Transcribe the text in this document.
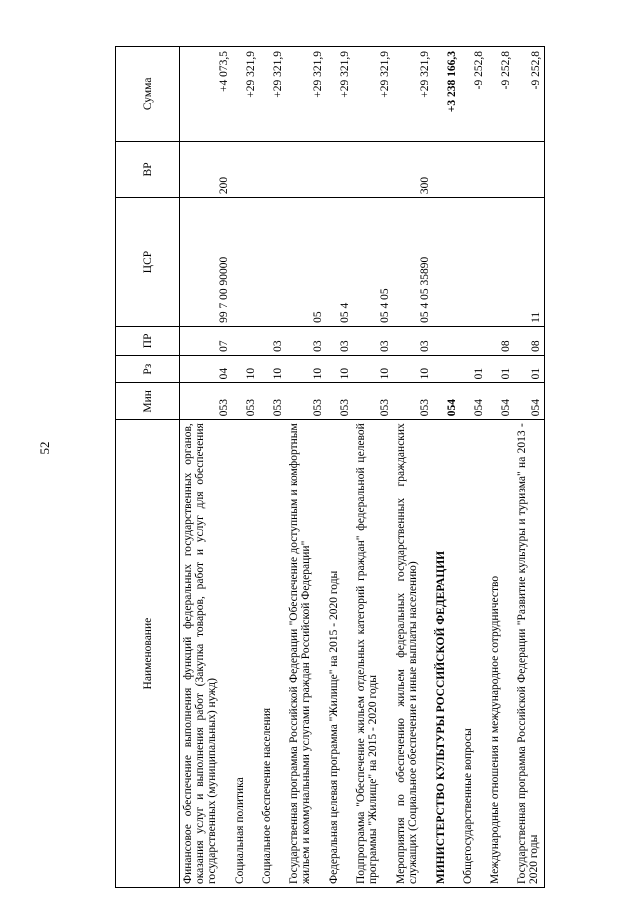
52
Наименование	Мин	Рз	ПР	ЦСР	ВР	Сумма
Финансовое обеспечение выполнения функций федеральных государственных органов, оказания услуг и выполнения работ (Закупка товаров, работ и услуг для обеспечения государственных (муниципальных) нужд)	053	04	07	99 7 00 90000	200	+4 073,5
Социальная политика	053	10				+29 321,9
Социальное обеспечение населения	053	10	03			+29 321,9
Государственная программа Российской Федерации "Обеспечение доступным и комфортным жильем и коммунальными услугами граждан Российской Федерации"	053	10	03	05		+29 321,9
Федеральная целевая программа "Жилище" на 2015 - 2020 годы	053	10	03	05 4		+29 321,9
Подпрограмма "Обеспечение жильем отдельных категорий граждан" федеральной целевой программы "Жилище" на 2015 - 2020 годы	053	10	03	05 4 05		+29 321,9
Мероприятия по обеспечению жильем федеральных государственных гражданских служащих (Социальное обеспечение и иные выплаты населению)	053	10	03	05 4 05 35890	300	+29 321,9
МИНИСТЕРСТВО КУЛЬТУРЫ РОССИЙСКОЙ ФЕДЕРАЦИИ	054					+3 238 166,3
Общегосударственные вопросы	054	01				-9 252,8
Международные отношения и международное сотрудничество	054	01	08			-9 252,8
Государственная программа Российской Федерации "Развитие культуры и туризма" на 2013 - 2020 годы	054	01	08	11		-9 252,8
